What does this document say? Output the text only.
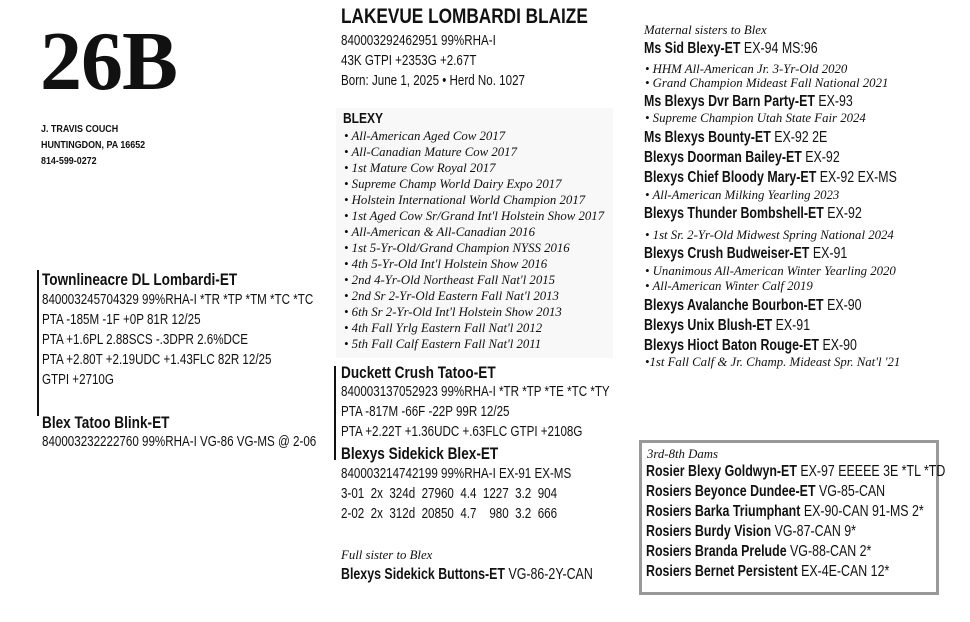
26B
J. TRAVIS COUCH
HUNTINGDON, PA 16652
814-599-0272
LAKEVUE LOMBARDI BLAIZE
840003292462951 99%RHA-I
43K GTPI +2353G +2.67T
Born: June 1, 2025 • Herd No. 1027
BLEXY
• All-American Aged Cow 2017
• All-Canadian Mature Cow 2017
• 1st Mature Cow Royal 2017
• Supreme Champ World Dairy Expo 2017
• Holstein International World Champion 2017
• 1st Aged Cow Sr/Grand Int'l Holstein Show 2017
• All-American & All-Canadian 2016
• 1st 5-Yr-Old/Grand Champion NYSS 2016
• 4th 5-Yr-Old Int'l Holstein Show 2016
• 2nd 4-Yr-Old Northeast Fall Nat'l 2015
• 2nd Sr 2-Yr-Old Eastern Fall Nat'l 2013
• 6th Sr 2-Yr-Old Int'l Holstein Show 2013
• 4th Fall Yrlg Eastern Fall Nat'l 2012
• 5th Fall Calf Eastern Fall Nat'l 2011
Townlineacre DL Lombardi-ET
840003245704329 99%RHA-I *TR *TP *TM *TC *TC
PTA -185M -1F +0P 81R 12/25
PTA +1.6PL 2.88SCS -.3DPR 2.6%DCE
PTA +2.80T +2.19UDC +1.43FLC 82R 12/25
GTPI +2710G
Blex Tatoo Blink-ET
840003232222760 99%RHA-I VG-86 VG-MS @ 2-06
Duckett Crush Tatoo-ET
840003137052923 99%RHA-I *TR *TP *TE *TC *TY
PTA -817M -66F -22P 99R 12/25
PTA +2.22T +1.36UDC +.63FLC GTPI +2108G
Blexys Sidekick Blex-ET
840003214742199 99%RHA-I EX-91 EX-MS
3-01  2x  324d  27960  4.4  1227  3.2  904
2-02  2x  312d  20850  4.7    980  3.2  666
Full sister to Blex
Blexys Sidekick Buttons-ET VG-86-2Y-CAN
Maternal sisters to Blex
Ms Sid Blexy-ET EX-94 MS:96
• HHM All-American Jr. 3-Yr-Old 2020
• Grand Champion Mideast Fall National 2021
Ms Blexys Dvr Barn Party-ET EX-93
• Supreme Champion Utah State Fair 2024
Ms Blexys Bounty-ET EX-92 2E
Blexys Doorman Bailey-ET EX-92
Blexys Chief Bloody Mary-ET EX-92 EX-MS
• All-American Milking Yearling 2023
Blexys Thunder Bombshell-ET EX-92
• 1st Sr. 2-Yr-Old Midwest Spring National 2024
Blexys Crush Budweiser-ET EX-91
• Unanimous All-American Winter Yearling 2020
• All-American Winter Calf 2019
Blexys Avalanche Bourbon-ET EX-90
Blexys Unix Blush-ET EX-91
Blexys Hioct Baton Rouge-ET EX-90
•1st Fall Calf & Jr. Champ. Mideast Spr. Nat'l '21
3rd-8th Dams
Rosier Blexy Goldwyn-ET EX-97 EEEEE 3E *TL *TD
Rosiers Beyonce Dundee-ET VG-85-CAN
Rosiers Barka Triumphant EX-90-CAN 91-MS 2*
Rosiers Burdy Vision VG-87-CAN 9*
Rosiers Branda Prelude VG-88-CAN 2*
Rosiers Bernet Persistent EX-4E-CAN 12*
